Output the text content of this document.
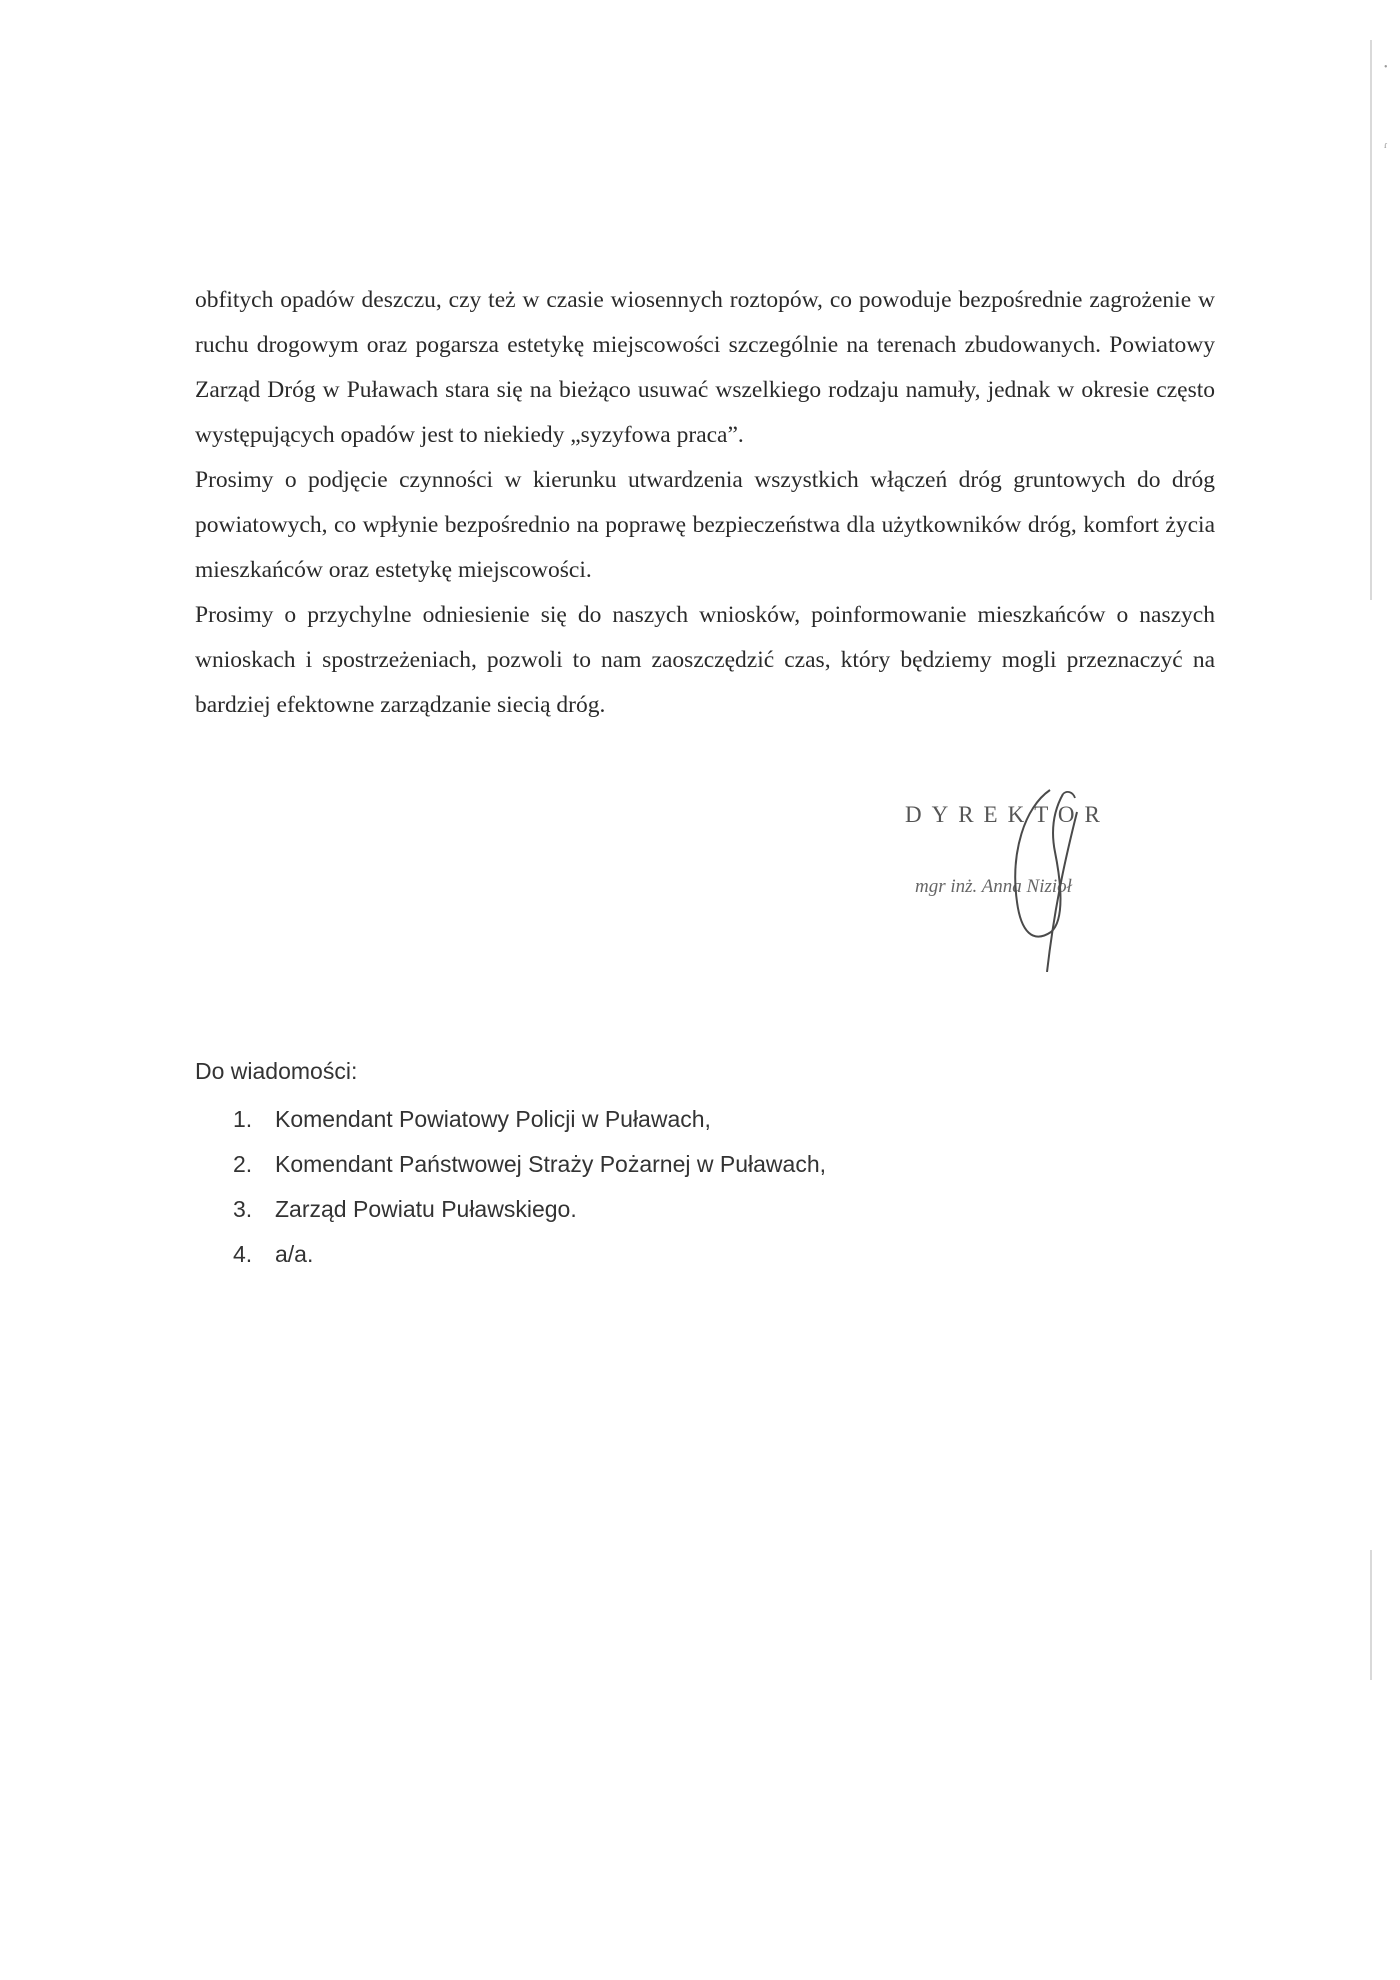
•
ɾ

obfitych opadów deszczu, czy też w czasie wiosennych roztopów, co powoduje bezpośrednie zagrożenie w ruchu drogowym oraz pogarsza estetykę miejscowości szczególnie na terenach zbudowanych. Powiatowy Zarząd Dróg w Puławach stara się na bieżąco usuwać wszelkiego rodzaju namuły, jednak w okresie często występujących opadów jest to niekiedy „syzyfowa praca”.

Prosimy o podjęcie czynności w kierunku utwardzenia wszystkich włączeń dróg gruntowych do dróg powiatowych, co wpłynie bezpośrednio na poprawę bezpieczeństwa dla użytkowników dróg, komfort życia mieszkańców oraz estetykę miejscowości.

Prosimy o przychylne odniesienie się do naszych wniosków, poinformowanie mieszkańców o naszych wnioskach i spostrzeżeniach, pozwoli to nam zaoszczędzić czas, który będziemy mogli przeznaczyć na bardziej efektowne zarządzanie siecią dróg.

DYREKTOR
mgr inż. Anna Nizioł
Do wiadomości:
1. Komendant Powiatowy Policji w Puławach,
2. Komendant Państwowej Straży Pożarnej w Puławach,
3. Zarząd Powiatu Puławskiego.
4. a/a.
